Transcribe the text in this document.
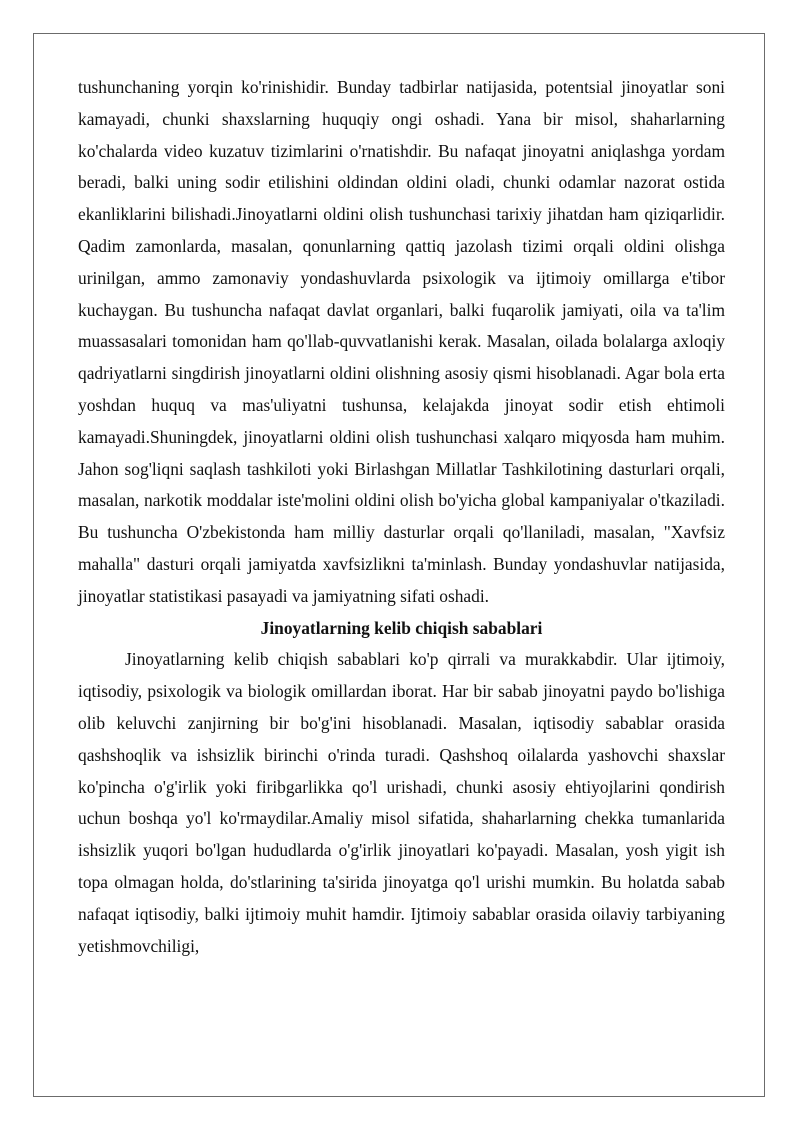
tushunchaning yorqin ko'rinishidir. Bunday tadbirlar natijasida, potentsial jinoyatlar soni kamayadi, chunki shaxslarning huquqiy ongi oshadi. Yana bir misol, shaharlarning ko'chalarda video kuzatuv tizimlarini o'rnatishdir. Bu nafaqat jinoyatni aniqlashga yordam beradi, balki uning sodir etilishini oldindan oldini oladi, chunki odamlar nazorat ostida ekanliklarini bilishadi.Jinoyatlarni oldini olish tushunchasi tarixiy jihatdan ham qiziqarlidir. Qadim zamonlarda, masalan, qonunlarning qattiq jazolash tizimi orqali oldini olishga urinilgan, ammo zamonaviy yondashuvlarda psixologik va ijtimoiy omillarga e'tibor kuchaygan. Bu tushuncha nafaqat davlat organlari, balki fuqarolik jamiyati, oila va ta'lim muassasalari tomonidan ham qo'llab-quvvatlanishi kerak. Masalan, oilada bolalarga axloqiy qadriyatlarni singdirish jinoyatlarni oldini olishning asosiy qismi hisoblanadi. Agar bola erta yoshdan huquq va mas'uliyatni tushunsa, kelajakda jinoyat sodir etish ehtimoli kamayadi.Shuningdek, jinoyatlarni oldini olish tushunchasi xalqaro miqyosda ham muhim. Jahon sog'liqni saqlash tashkiloti yoki Birlashgan Millatlar Tashkilotining dasturlari orqali, masalan, narkotik moddalar iste'molini oldini olish bo'yicha global kampaniyalar o'tkaziladi. Bu tushuncha O'zbekistonda ham milliy dasturlar orqali qo'llaniladi, masalan, "Xavfsiz mahalla" dasturi orqali jamiyatda xavfsizlikni ta'minlash. Bunday yondashuvlar natijasida, jinoyatlar statistikasi pasayadi va jamiyatning sifati oshadi.

Jinoyatlarning kelib chiqish sabablari

Jinoyatlarning kelib chiqish sabablari ko'p qirrali va murakkabdir. Ular ijtimoiy, iqtisodiy, psixologik va biologik omillardan iborat. Har bir sabab jinoyatni paydo bo'lishiga olib keluvchi zanjirning bir bo'g'ini hisoblanadi. Masalan, iqtisodiy sabablar orasida qashshoqlik va ishsizlik birinchi o'rinda turadi. Qashshoq oilalarda yashovchi shaxslar ko'pincha o'g'irlik yoki firibgarlikka qo'l urishadi, chunki asosiy ehtiyojlarini qondirish uchun boshqa yo'l ko'rmaydilar.Amaliy misol sifatida, shaharlarning chekka tumanlarida ishsizlik yuqori bo'lgan hududlarda o'g'irlik jinoyatlari ko'payadi. Masalan, yosh yigit ish topa olmagan holda, do'stlarining ta'sirida jinoyatga qo'l urishi mumkin. Bu holatda sabab nafaqat iqtisodiy, balki ijtimoiy muhit hamdir. Ijtimoiy sabablar orasida oilaviy tarbiyaning yetishmovchiligi,
